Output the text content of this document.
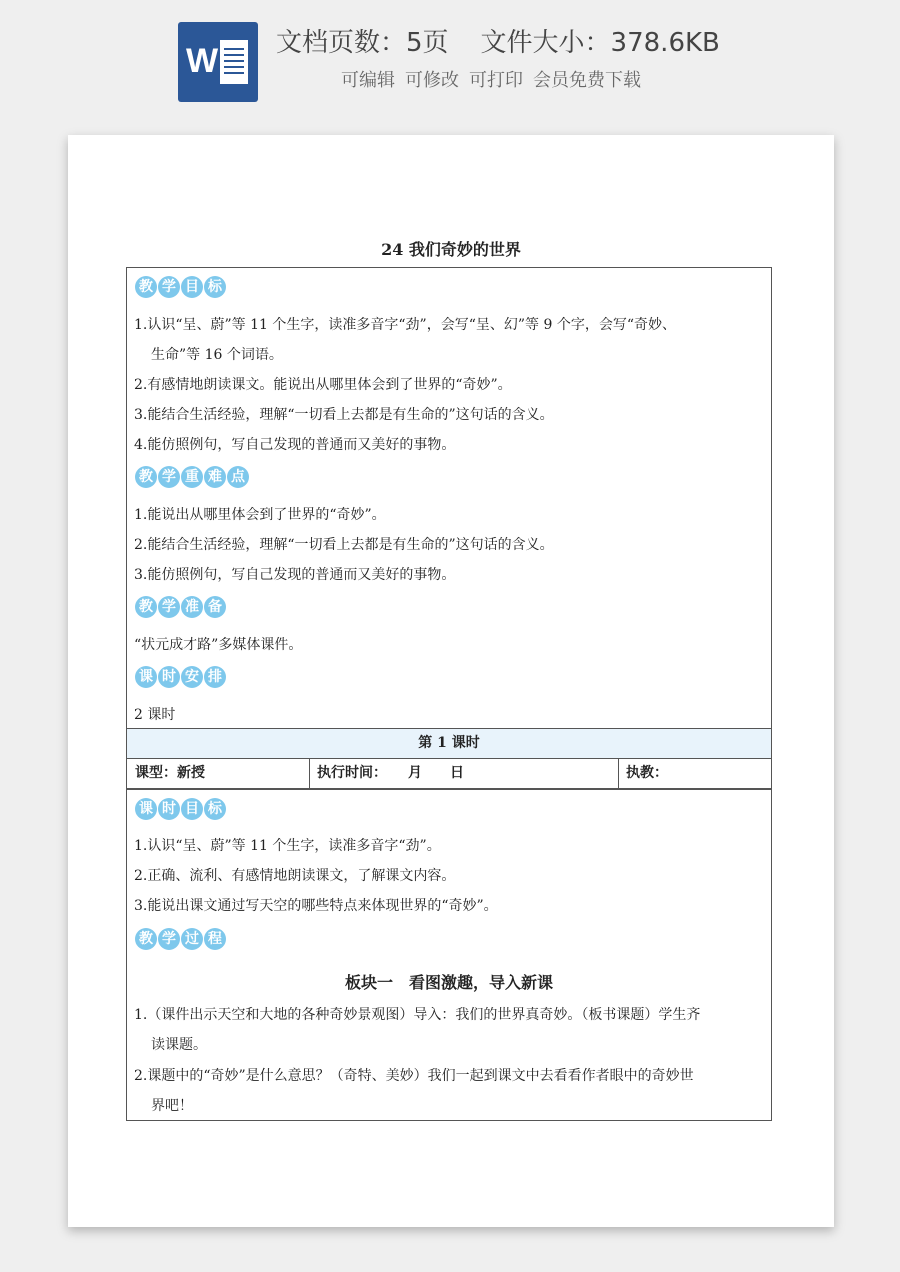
W 文档页数：5页 文件大小：378.6KB
可编辑 可修改 可打印 会员免费下载
24 我们奇妙的世界
教 学 目 标
1.认识“呈、蔚”等 11 个生字，读准多音字“劲”，会写“呈、幻”等 9 个字，会写“奇妙、
生命”等 16 个词语。
2.有感情地朗读课文。能说出从哪里体会到了世界的“奇妙”。
3.能结合生活经验，理解“一切看上去都是有生命的”这句话的含义。
4.能仿照例句，写自己发现的普通而又美好的事物。
教 学 重 难 点
1.能说出从哪里体会到了世界的“奇妙”。
2.能结合生活经验，理解“一切看上去都是有生命的”这句话的含义。
3.能仿照例句，写自己发现的普通而又美好的事物。
教 学 准 备
“状元成才路”多媒体课件。
课 时 安 排
2 课时
第 1 课时
课型：新授	执行时间：　　月　　日	执教：
课 时 目 标
1.认识“呈、蔚”等 11 个生字，读准多音字“劲”。
2.正确、流利、有感情地朗读课文，了解课文内容。
3.能说出课文通过写天空的哪些特点来体现世界的“奇妙”。
教 学 过 程
板块一　看图激趣，导入新课
1.（课件出示天空和大地的各种奇妙景观图）导入：我们的世界真奇妙。（板书课题）学生齐
读课题。
2.课题中的“奇妙”是什么意思？（奇特、美妙）我们一起到课文中去看看作者眼中的奇妙世
界吧！
